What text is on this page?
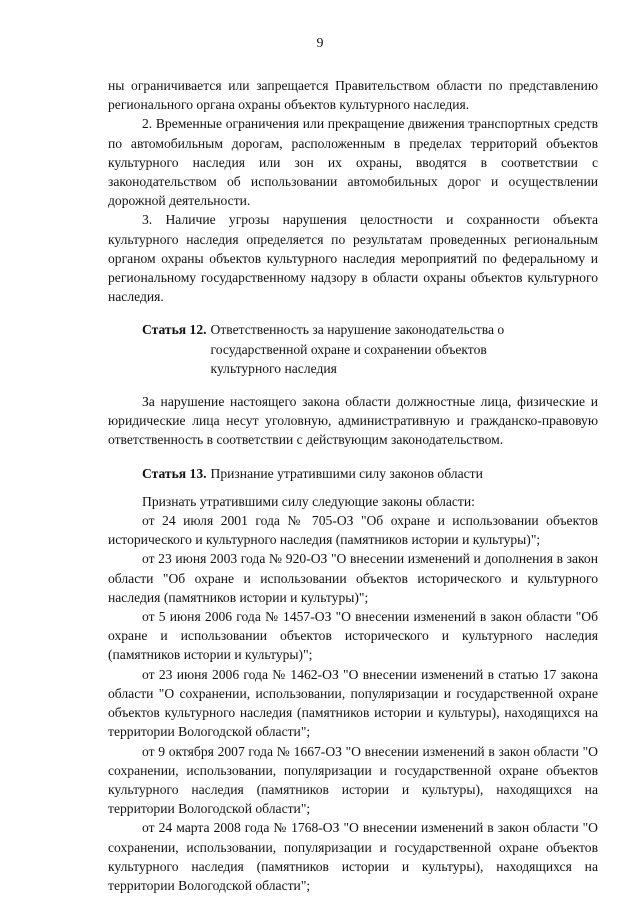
9

ны ограничивается или запрещается Правительством области по представлению регионального органа охраны объектов культурного наследия.

2. Временные ограничения или прекращение движения транспортных средств по автомобильным дорогам, расположенным в пределах территорий объектов культурного наследия или зон их охраны, вводятся в соответствии с законодательством об использовании автомобильных дорог и осуществлении дорожной деятельности.

3. Наличие угрозы нарушения целостности и сохранности объекта культурного наследия определяется по результатам проведенных региональным органом охраны объектов культурного наследия мероприятий по федеральному и региональному государственному надзору в области охраны объектов культурного наследия.

Статья 12. Ответственность за нарушение законодательства о государственной охране и сохранении объектов культурного наследия

За нарушение настоящего закона области должностные лица, физические и юридические лица несут уголовную, административную и гражданско-правовую ответственность в соответствии с действующим законодательством.

Статья 13. Признание утратившими силу законов области

Признать утратившими силу следующие законы области:

от 24 июля 2001 года № 705-ОЗ "Об охране и использовании объектов исторического и культурного наследия (памятников истории и культуры)";

от 23 июня 2003 года № 920-ОЗ "О внесении изменений и дополнения в закон области "Об охране и использовании объектов исторического и культурного наследия (памятников истории и культуры)";

от 5 июня 2006 года № 1457-ОЗ "О внесении изменений в закон области "Об охране и использовании объектов исторического и культурного наследия (памятников истории и культуры)";

от 23 июня 2006 года № 1462-ОЗ "О внесении изменений в статью 17 закона области "О сохранении, использовании, популяризации и государственной охране объектов культурного наследия (памятников истории и культуры), находящихся на территории Вологодской области";

от 9 октября 2007 года № 1667-ОЗ "О внесении изменений в закон области "О сохранении, использовании, популяризации и государственной охране объектов культурного наследия (памятников истории и культуры), находящихся на территории Вологодской области";

от 24 марта 2008 года № 1768-ОЗ "О внесении изменений в закон области "О сохранении, использовании, популяризации и государственной охране объектов культурного наследия (памятников истории и культуры), находящихся на территории Вологодской области";
